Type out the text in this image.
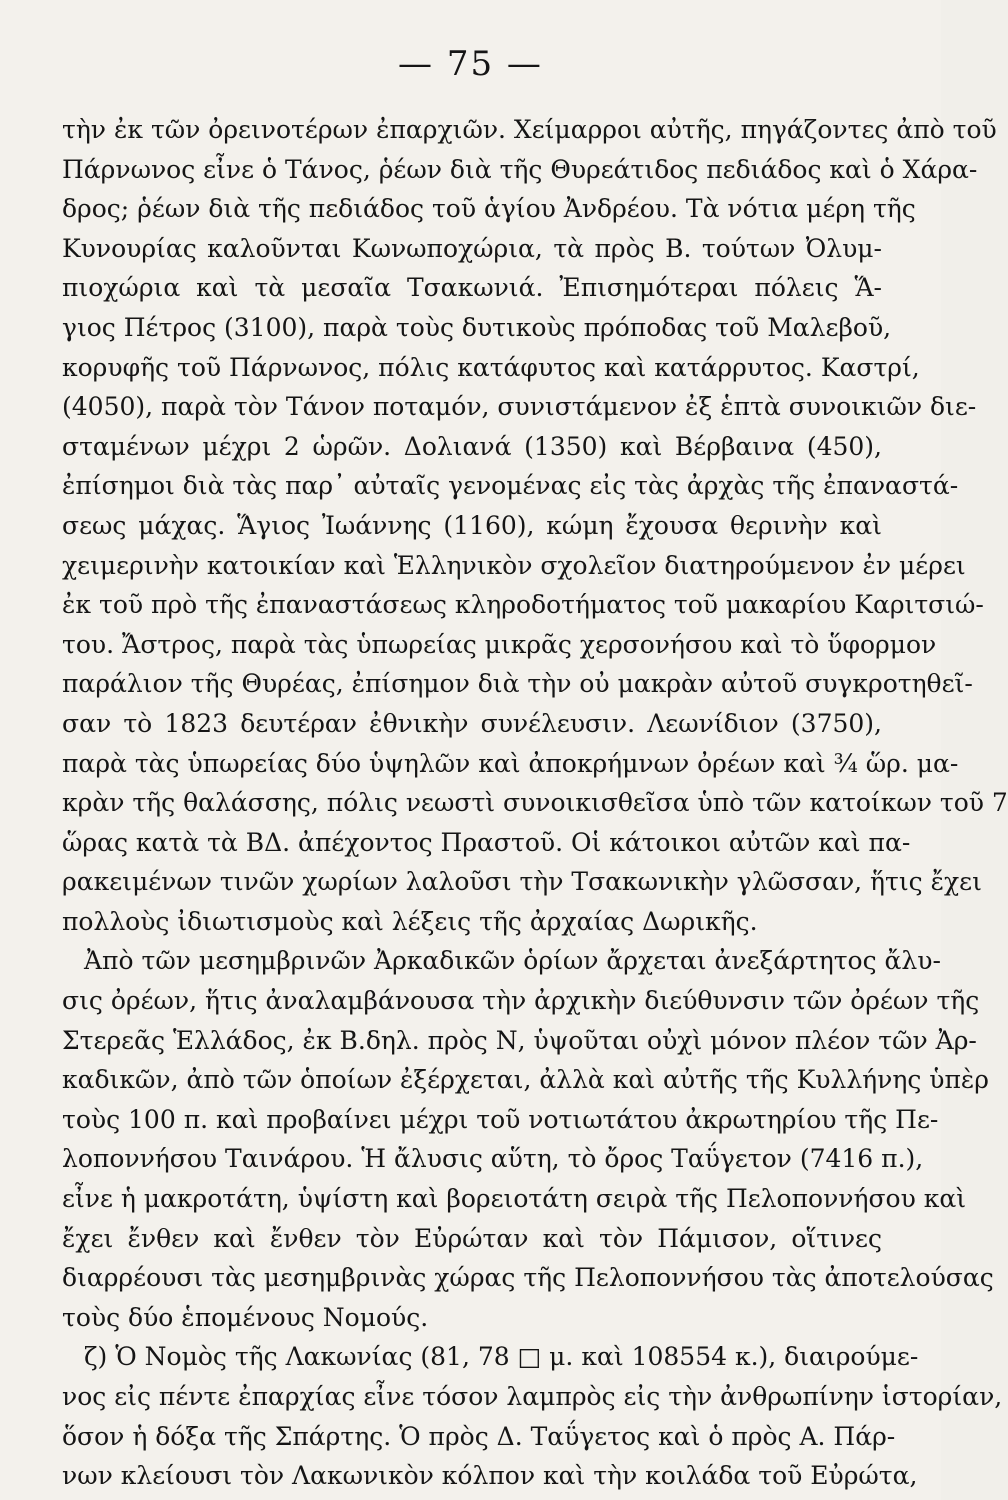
— 75 —
τὴν ἐκ τῶν ὀρεινοτέρων ἐπαρχιῶν. Χείμαρροι αὐτῆς, πηγάζοντες ἀπὸ τοῦ
Πάρνωνος εἶνε ὁ Τάνος, ῥέων διὰ τῆς Θυρεάτιδος πεδιάδος καὶ ὁ Χάρα-
δρος; ῥέων διὰ τῆς πεδιάδος τοῦ ἁγίου Ἀνδρέου. Τὰ νότια μέρη τῆς
Κυνουρίας καλοῦνται Κωνωποχώρια, τὰ πρὸς Β. τούτων Ὀλυμ-
πιοχώρια καὶ τὰ μεσαῖα Τσακωνιά. Ἐπισημότεραι πόλεις Ἅ-
γιος Πέτρος (3100), παρὰ τοὺς δυτικοὺς πρόποδας τοῦ Μαλεβοῦ,
κορυφῆς τοῦ Πάρνωνος, πόλις κατάφυτος καὶ κατάρρυτος. Καστρί,
(4050), παρὰ τὸν Τάνον ποταμόν, συνιστάμενον ἐξ ἑπτὰ συνοικιῶν διε-
σταμένων μέχρι 2 ὡρῶν. Δολιανά (1350) καὶ Βέρβαινα (450),
ἐπίσημοι διὰ τὰς παρ᾽ αὐταῖς γενομένας εἰς τὰς ἀρχὰς τῆς ἐπαναστά-
σεως μάχας. Ἅγιος Ἰωάννης (1160), κώμη ἔχουσα θερινὴν καὶ
χειμερινὴν κατοικίαν καὶ Ἑλληνικὸν σχολεῖον διατηρούμενον ἐν μέρει
ἐκ τοῦ πρὸ τῆς ἐπαναστάσεως κληροδοτήματος τοῦ μακαρίου Καριτσιώ-
του. Ἄστρος, παρὰ τὰς ὑπωρείας μικρᾶς χερσονήσου καὶ τὸ ὕφορμον
παράλιον τῆς Θυρέας, ἐπίσημον διὰ τὴν οὐ μακρὰν αὐτοῦ συγκροτηθεῖ-
σαν τὸ 1823 δευτέραν ἐθνικὴν συνέλευσιν. Λεωνίδιον (3750),
παρὰ τὰς ὑπωρείας δύο ὑψηλῶν καὶ ἀποκρήμνων ὀρέων καὶ ¾ ὥρ. μα-
κρὰν τῆς θαλάσσης, πόλις νεωστὶ συνοικισθεῖσα ὑπὸ τῶν κατοίκων τοῦ 7
ὥρας κατὰ τὰ ΒΔ. ἀπέχοντος Πραστοῦ. Οἱ κάτοικοι αὐτῶν καὶ πα-
ρακειμένων τινῶν χωρίων λαλοῦσι τὴν Τσακωνικὴν γλῶσσαν, ἥτις ἔχει
πολλοὺς ἰδιωτισμοὺς καὶ λέξεις τῆς ἀρχαίας Δωρικῆς.
Ἀπὸ τῶν μεσημβρινῶν Ἀρκαδικῶν ὁρίων ἄρχεται ἀνεξάρτητος ἄλυ-
σις ὀρέων, ἥτις ἀναλαμβάνουσα τὴν ἀρχικὴν διεύθυνσιν τῶν ὀρέων τῆς
Στερεᾶς Ἑλλάδος, ἐκ Β.δηλ. πρὸς Ν, ὑψοῦται οὐχὶ μόνον πλέον τῶν Ἀρ-
καδικῶν, ἀπὸ τῶν ὁποίων ἐξέρχεται, ἀλλὰ καὶ αὐτῆς τῆς Κυλλήνης ὑπὲρ
τοὺς 100 π. καὶ προβαίνει μέχρι τοῦ νοτιωτάτου ἀκρωτηρίου τῆς Πε-
λοποννήσου Ταινάρου. Ἡ ἄλυσις αὕτη, τὸ ὄρος Ταΰγετον (7416 π.),
εἶνε ἡ μακροτάτη, ὑψίστη καὶ βορειοτάτη σειρὰ τῆς Πελοποννήσου καὶ
ἔχει ἔνθεν καὶ ἔνθεν τὸν Εὐρώταν καὶ τὸν Πάμισον, οἵτινες
διαρρέουσι τὰς μεσημβρινὰς χώρας τῆς Πελοποννήσου τὰς ἀποτελούσας
τοὺς δύο ἑπομένους Νομούς.
ζ) Ὁ Νομὸς τῆς Λακωνίας (81, 78 □ μ. καὶ 108554 κ.), διαιρούμε-
νος εἰς πέντε ἐπαρχίας εἶνε τόσον λαμπρὸς εἰς τὴν ἀνθρωπίνην ἱστορίαν,
ὅσον ἡ δόξα τῆς Σπάρτης. Ὁ πρὸς Δ. Ταΰγετος καὶ ὁ πρὸς Α. Πάρ-
νων κλείουσι τὸν Λακωνικὸν κόλπον καὶ τὴν κοιλάδα τοῦ Εὐρώτα,
